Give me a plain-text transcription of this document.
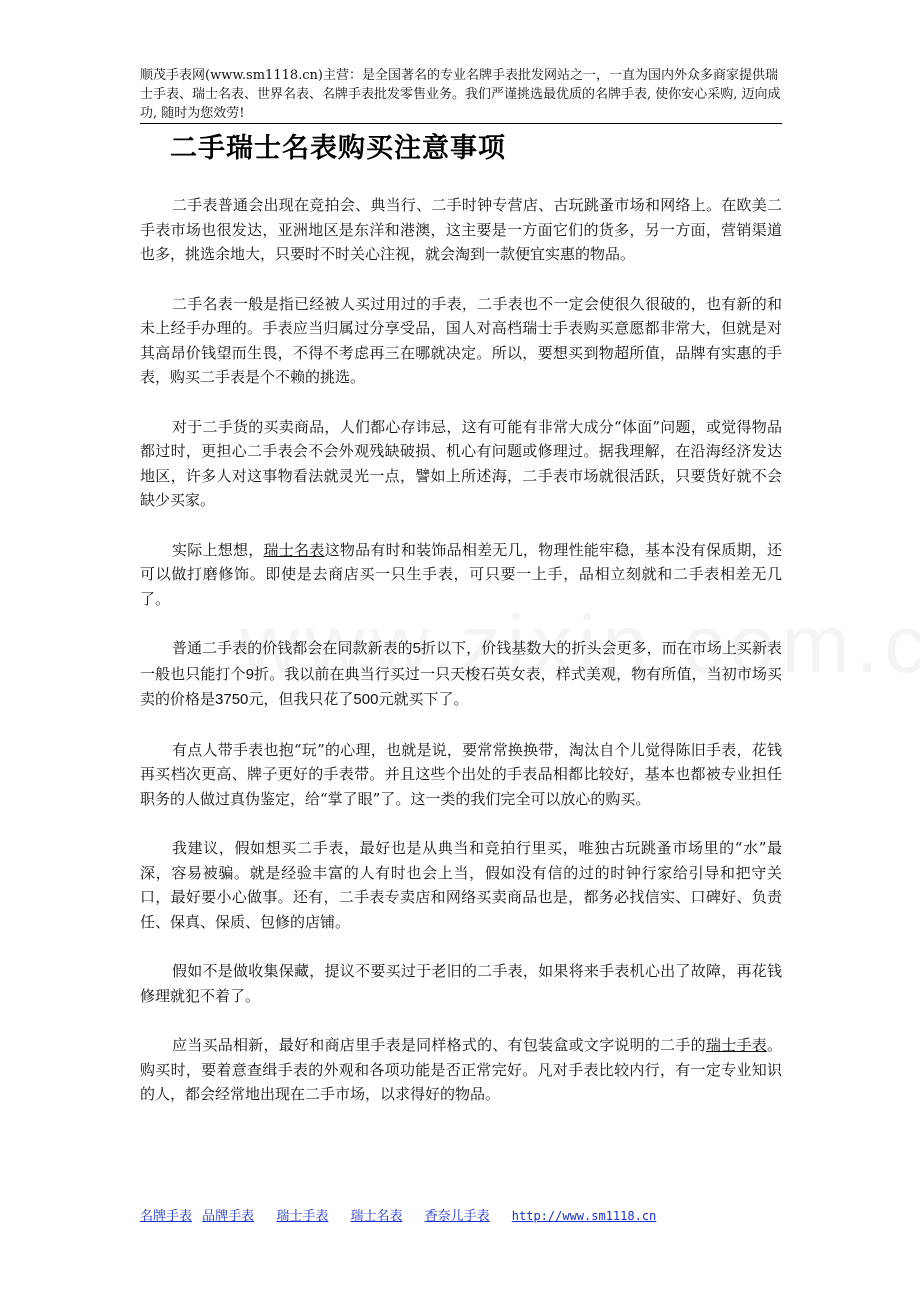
顺茂手表网(www.sm1118.cn)主营：是全国著名的专业名牌手表批发网站之一，一直为国内外众多商家提供瑞士手表、瑞士名表、世界名表、名牌手表批发零售业务。我们严谨挑选最优质的名牌手表, 使你安心采购, 迈向成功, 随时为您效劳!
二手瑞士名表购买注意事项

二手表普通会出现在竞拍会、典当行、二手时钟专营店、古玩跳蚤市场和网络上。在欧美二手表市场也很发达，亚洲地区是东洋和港澳，这主要是一方面它们的货多，另一方面，营销渠道也多，挑选余地大，只要时不时关心注视，就会淘到一款便宜实惠的物品。

二手名表一般是指已经被人买过用过的手表，二手表也不一定会使很久很破的，也有新的和未上经手办理的。手表应当归属过分享受品，国人对高档瑞士手表购买意愿都非常大，但就是对其高昂价钱望而生畏，不得不考虑再三在哪就决定。所以，要想买到物超所值，品牌有实惠的手表，购买二手表是个不赖的挑选。

对于二手货的买卖商品，人们都心存讳忌，这有可能有非常大成分“体面”问题，或觉得物品都过时，更担心二手表会不会外观残缺破损、机心有问题或修理过。据我理解，在沿海经济发达地区，许多人对这事物看法就灵光一点，譬如上所述海，二手表市场就很活跃，只要货好就不会缺少买家。

实际上想想，瑞士名表这物品有时和装饰品相差无几，物理性能牢稳，基本没有保质期，还可以做打磨修饰。即使是去商店买一只生手表，可只要一上手，品相立刻就和二手表相差无几了。

普通二手表的价钱都会在同款新表的5折以下，价钱基数大的折头会更多，而在市场上买新表一般也只能打个9折。我以前在典当行买过一只天梭石英女表，样式美观，物有所值，当初市场买卖的价格是3750元，但我只花了500元就买下了。

有点人带手表也抱“玩”的心理，也就是说，要常常换换带，淘汰自个儿觉得陈旧手表，花钱再买档次更高、牌子更好的手表带。并且这些个出处的手表品相都比较好，基本也都被专业担任职务的人做过真伪鉴定，给“掌了眼”了。这一类的我们完全可以放心的购买。

我建议，假如想买二手表，最好也是从典当和竞拍行里买，唯独古玩跳蚤市场里的“水”最深，容易被骗。就是经验丰富的人有时也会上当，假如没有信的过的时钟行家给引导和把守关口，最好要小心做事。还有，二手表专卖店和网络买卖商品也是，都务必找信实、口碑好、负责任、保真、保质、包修的店铺。

假如不是做收集保藏，提议不要买过于老旧的二手表，如果将来手表机心出了故障，再花钱修理就犯不着了。

应当买品相新，最好和商店里手表是同样格式的、有包装盒或文字说明的二手的瑞士手表。购买时，要着意查缉手表的外观和各项功能是否正常完好。凡对手表比较内行，有一定专业知识的人，都会经常地出现在二手市场，以求得好的物品。

名牌手表 品牌手表 瑞士手表 瑞士名表 香奈儿手表 http://www.sm1118.cn
